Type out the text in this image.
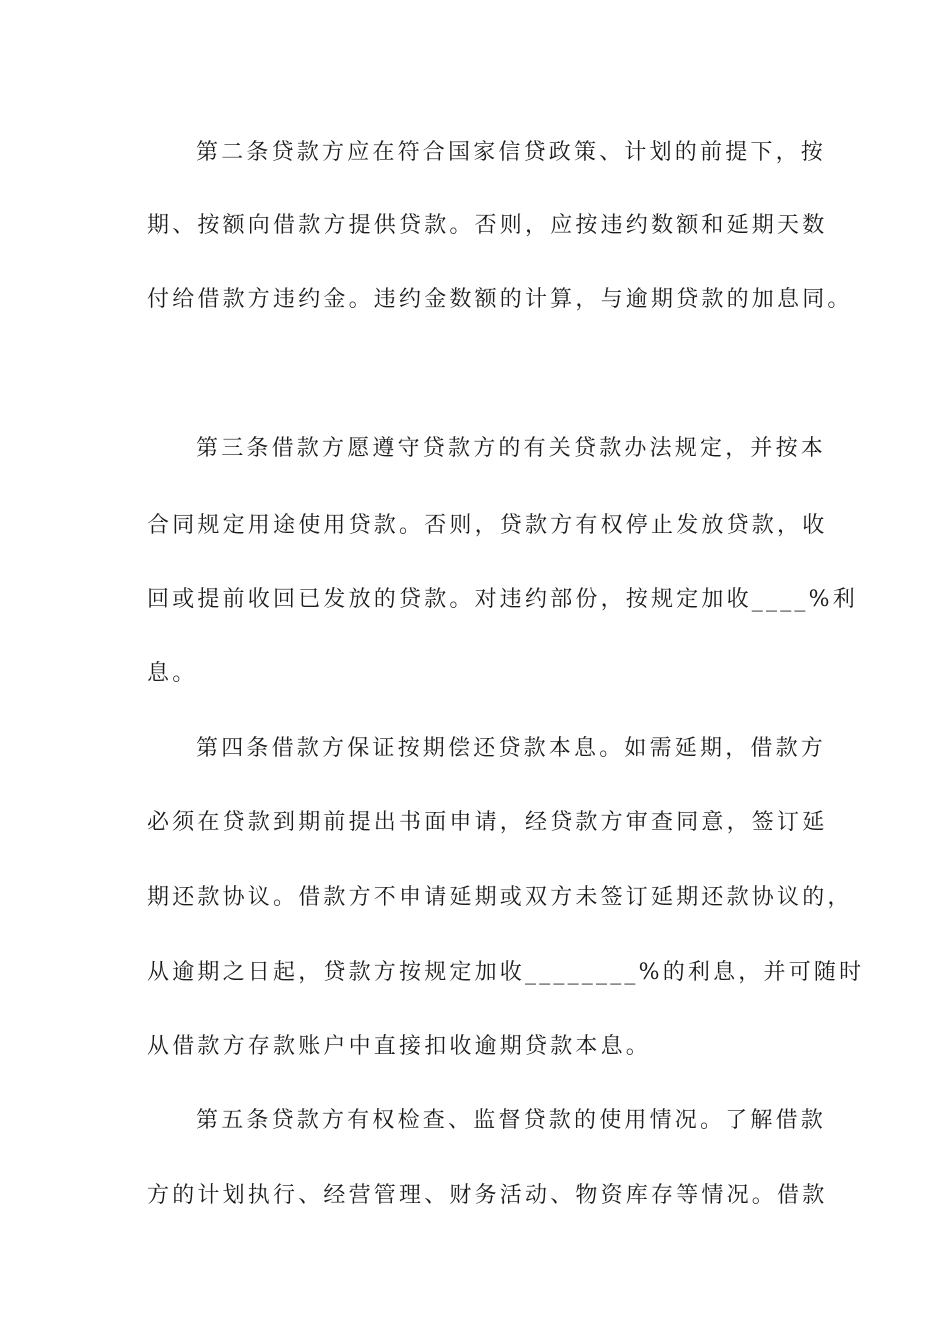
第二条贷款方应在符合国家信贷政策、计划的前提下，按
期、按额向借款方提供贷款。否则，应按违约数额和延期天数
付给借款方违约金。违约金数额的计算，与逾期贷款的加息同。
第三条借款方愿遵守贷款方的有关贷款办法规定，并按本
合同规定用途使用贷款。否则，贷款方有权停止发放贷款，收
回或提前收回已发放的贷款。对违约部份，按规定加收____%利
息。
第四条借款方保证按期偿还贷款本息。如需延期，借款方
必须在贷款到期前提出书面申请，经贷款方审查同意，签订延
期还款协议。借款方不申请延期或双方未签订延期还款协议的，
从逾期之日起，贷款方按规定加收________%的利息，并可随时
从借款方存款账户中直接扣收逾期贷款本息。
第五条贷款方有权检查、监督贷款的使用情况。了解借款
方的计划执行、经营管理、财务活动、物资库存等情况。借款
